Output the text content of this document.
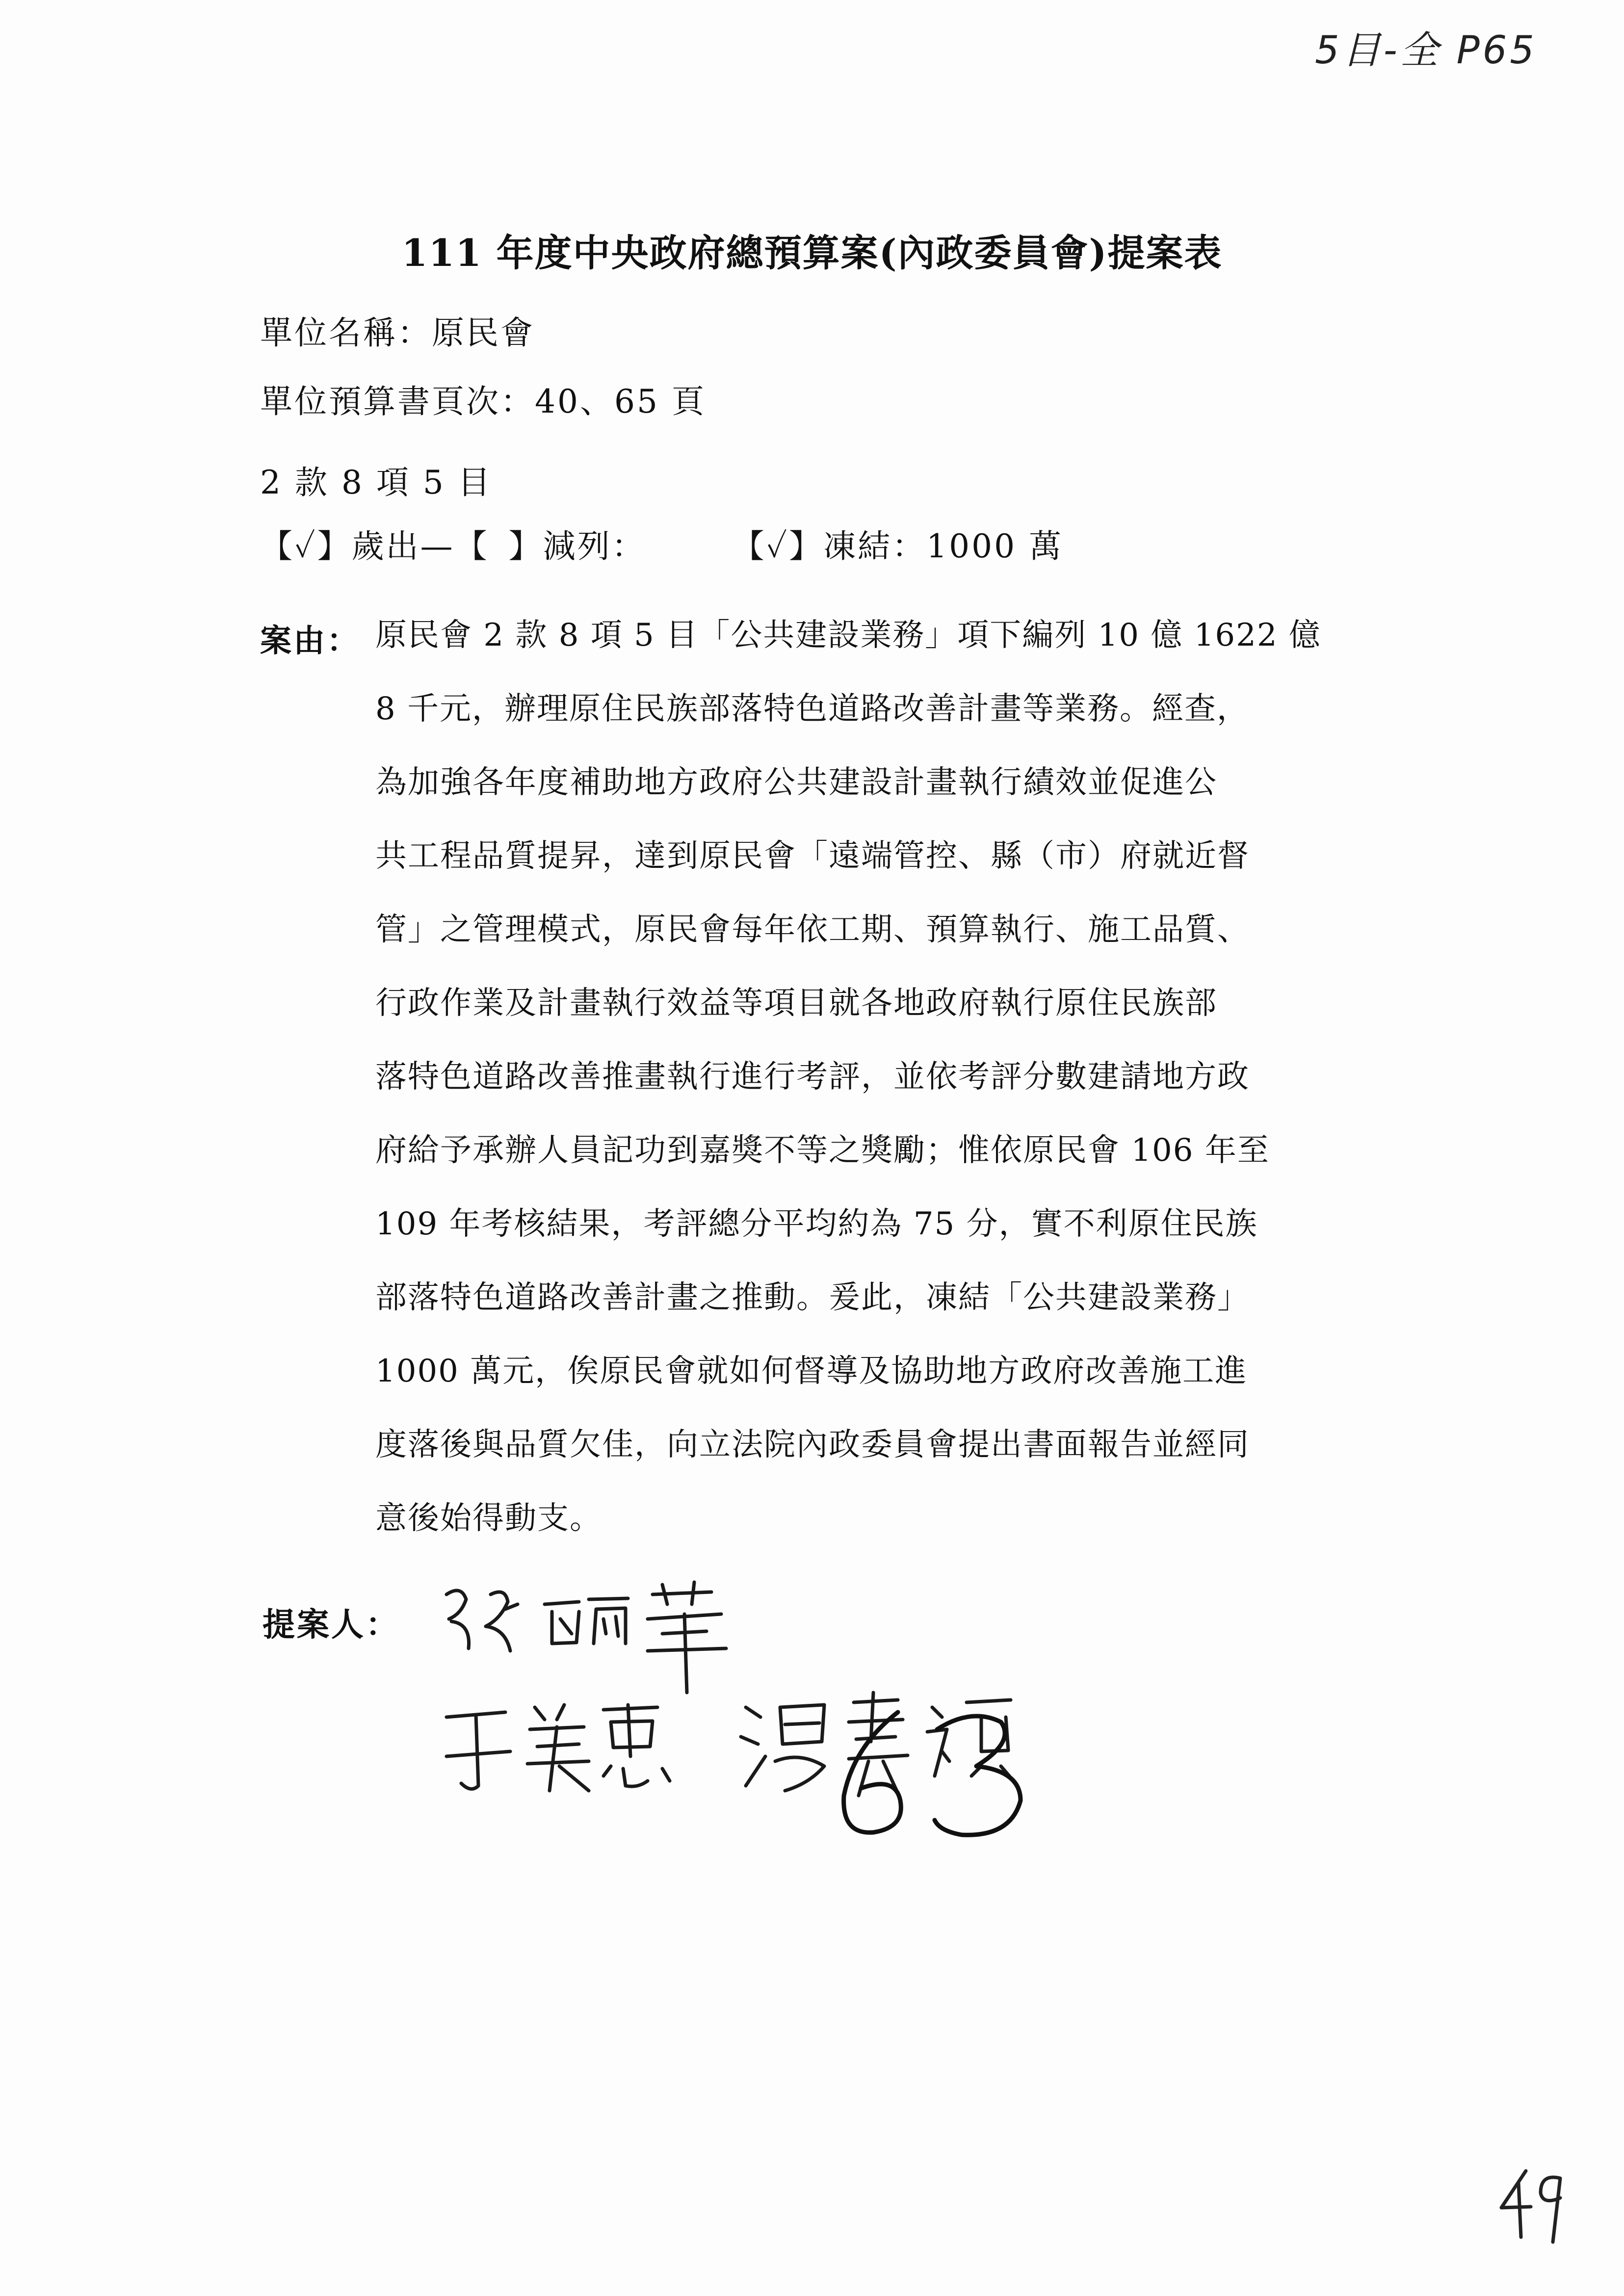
5目-全 P65
111 年度中央政府總預算案(內政委員會)提案表
單位名稱：原民會
單位預算書頁次：40、65 頁
2 款 8 項 5 目
【✓】歲出—【 】減列：	【✓】凍結：1000 萬
案由： 原民會 2 款 8 項 5 目「公共建設業務」項下編列 10 億 1622 億
8 千元，辦理原住民族部落特色道路改善計畫等業務。經查，
為加強各年度補助地方政府公共建設計畫執行績效並促進公
共工程品質提昇，達到原民會「遠端管控、縣（市）府就近督
管」之管理模式，原民會每年依工期、預算執行、施工品質、
行政作業及計畫執行效益等項目就各地政府執行原住民族部
落特色道路改善推畫執行進行考評，並依考評分數建請地方政
府給予承辦人員記功到嘉獎不等之獎勵；惟依原民會 106 年至
109 年考核結果，考評總分平均約為 75 分，實不利原住民族
部落特色道路改善計畫之推動。爰此，凍結「公共建設業務」
1000 萬元，俟原民會就如何督導及協助地方政府改善施工進
度落後與品質欠佳，向立法院內政委員會提出書面報告並經同
意後始得動支。
提案人：
